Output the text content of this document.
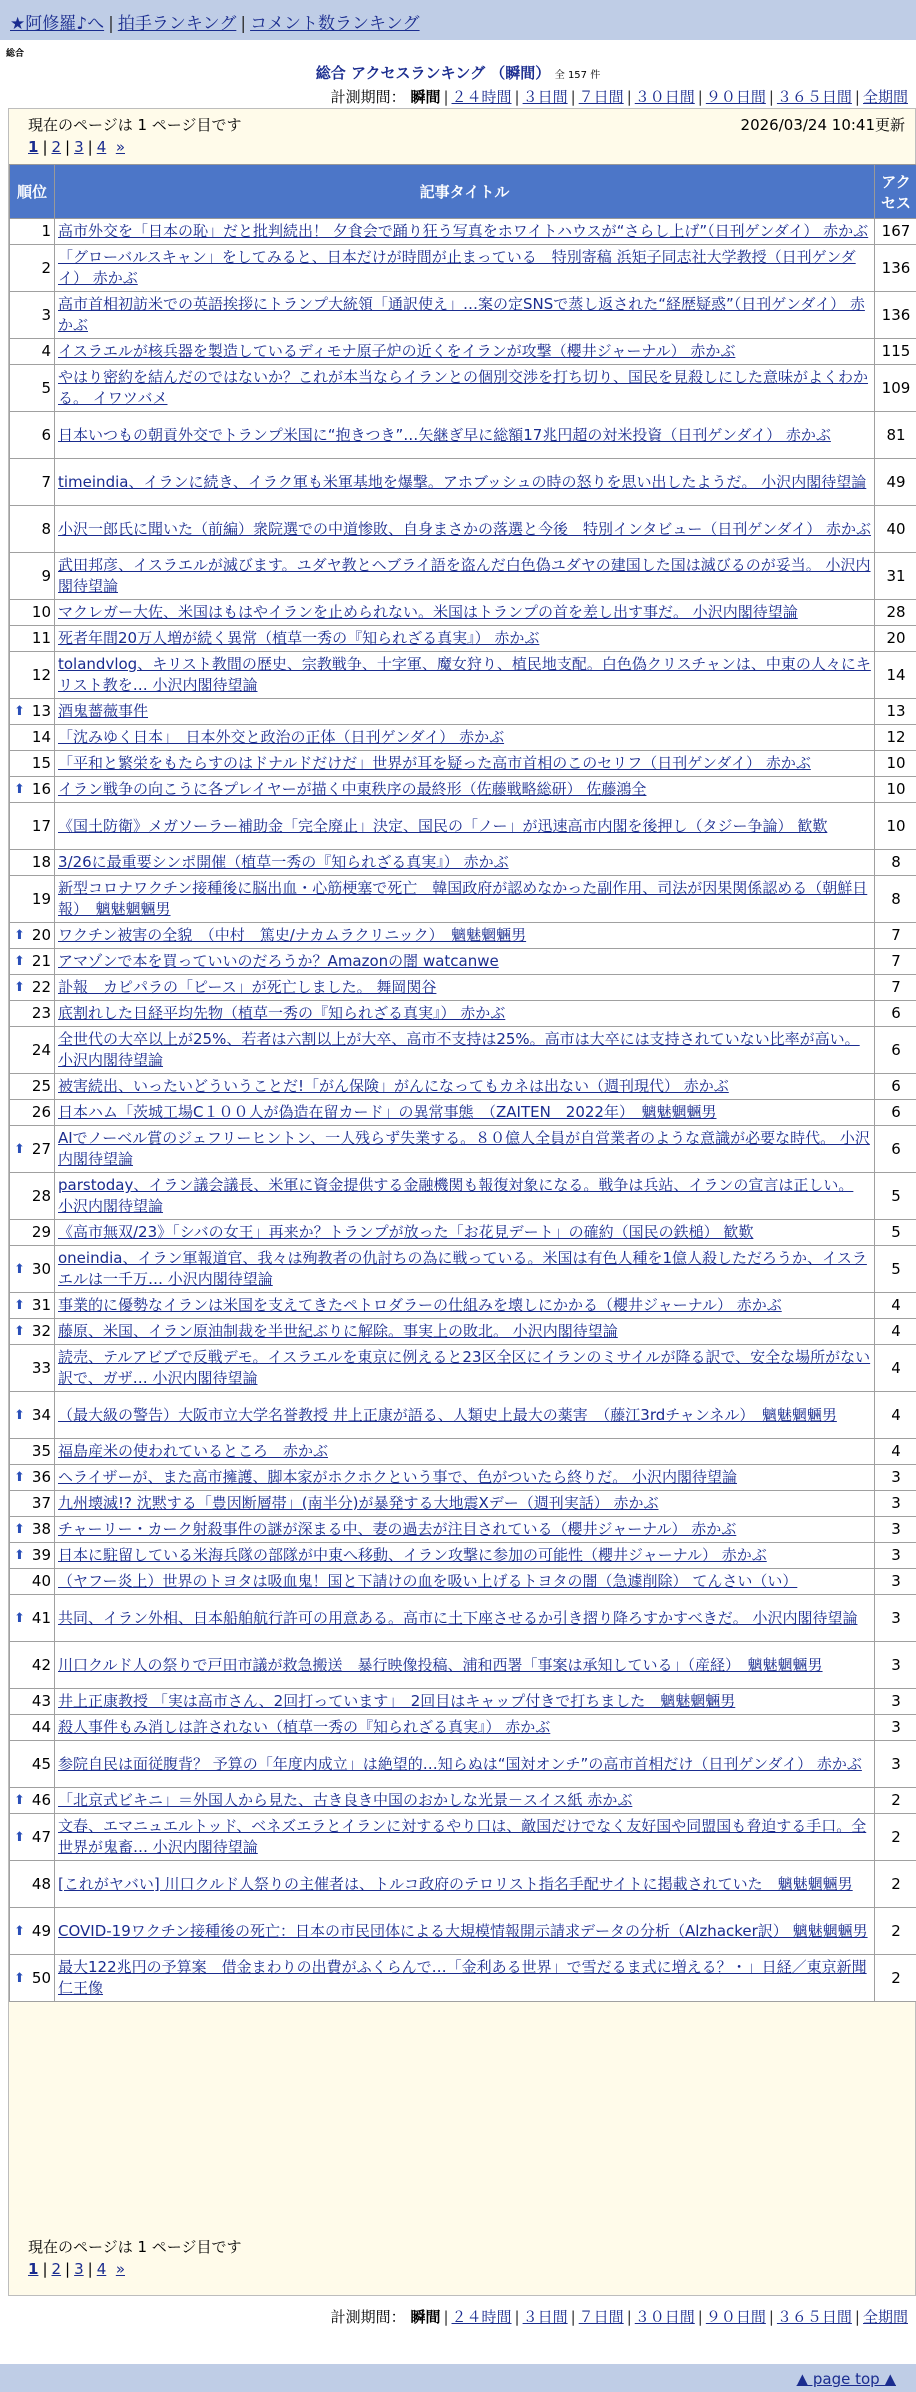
★阿修羅♪へ | 拍手ランキング | コメント数ランキング
総合
総合 アクセスランキング （瞬間） 全 157 件
計測期間： 瞬間 | ２４時間 | ３日間 | ７日間 | ３０日間 | ９０日間 | ３６５日間 | 全期間
現在のページは 1 ページ目です	2026/03/24 10:41更新
1 | 2 | 3 | 4 »
現在のページは 1 ページ目です
1 | 2 | 3 | 4 »
順位	記事タイトル	アクセス
1	高市外交を「日本の恥」だと批判続出！ 夕食会で踊り狂う写真をホワイトハウスが“さらし上げ”（日刊ゲンダイ） 赤かぶ	167
2	「グローバルスキャン」をしてみると、日本だけが時間が止まっている　特別寄稿 浜矩子同志社大学教授（日刊ゲンダイ） 赤かぶ	136
3	高市首相初訪米での英語挨拶にトランプ大統領「通訳使え」…案の定SNSで蒸し返された“経歴疑惑”（日刊ゲンダイ） 赤かぶ	136
4	イスラエルが核兵器を製造しているディモナ原子炉の近くをイランが攻撃（櫻井ジャーナル） 赤かぶ	115
5	やはり密約を結んだのではないか？これが本当ならイランとの個別交渉を打ち切り、国民を見殺しにした意味がよくわかる。 イワツバメ	109
6	日本いつもの朝貢外交でトランプ米国に“抱きつき”…矢継ぎ早に総額17兆円超の対米投資（日刊ゲンダイ） 赤かぶ	81
7	timeindia、イランに続き、イラク軍も米軍基地を爆撃。アホブッシュの時の怒りを思い出したようだ。 小沢内閣待望論	49
8	小沢一郎氏に聞いた（前編）衆院選での中道惨敗、自身まさかの落選と今後　特別インタビュー（日刊ゲンダイ） 赤かぶ	40
9	武田邦彦、イスラエルが滅びます。ユダヤ教とヘブライ語を盗んだ白色偽ユダヤの建国した国は滅びるのが妥当。 小沢内閣待望論	31
10	マクレガー大佐、米国はもはやイランを止められない。米国はトランプの首を差し出す事だ。 小沢内閣待望論	28
11	死者年間20万人増が続く異常（植草一秀の『知られざる真実』） 赤かぶ	20
12	tolandvlog、キリスト教間の歴史、宗教戦争、十字軍、魔女狩り、植民地支配。白色偽クリスチャンは、中東の人々にキリスト教を… 小沢内閣待望論	14

⬆ 13	酒鬼薔薇事件	13
14	「沈みゆく日本」　日本外交と政治の正体（日刊ゲンダイ） 赤かぶ	12
15	「平和と繁栄をもたらすのはドナルドだけだ」世界が耳を疑った高市首相のこのセリフ（日刊ゲンダイ） 赤かぶ	10

⬆ 16	イラン戦争の向こうに各プレイヤーが描く中東秩序の最終形（佐藤戦略総研） 佐藤鴻全	10
17	《国土防衛》メガソーラー補助金「完全廃止」決定、国民の「ノー」が迅速高市内閣を後押し（タジー争論） 歓歎	10
18	3/26に最重要シンポ開催（植草一秀の『知られざる真実』） 赤かぶ	8
19	新型コロナワクチン接種後に脳出血・心筋梗塞で死亡　韓国政府が認めなかった副作用、司法が因果関係認める（朝鮮日報）　魑魅魍魎男	8

⬆ 20	ワクチン被害の全貌　（中村　篤史/ナカムラクリニック）　魑魅魍魎男	7

⬆ 21	アマゾンで本を買っていいのだろうか？Amazonの闇 watcanwe	7

⬆ 22	訃報　カピパラの「ピース」が死亡しました。 舞岡関谷	7
23	底割れした日経平均先物（植草一秀の『知られざる真実』） 赤かぶ	6
24	全世代の大卒以上が25%、若者は六割以上が大卒、高市不支持は25%。高市は大卒には支持されていない比率が高い。 小沢内閣待望論	6
25	被害続出、いったいどういうことだ!「がん保険」がんになってもカネは出ない（週刊現代） 赤かぶ	6
26	日本ハム「茨城工場C１００人が偽造在留カード」の異常事態　（ZAITEN　2022年）　魑魅魍魎男	6

⬆ 27	AIでノーベル賞のジェフリーヒントン、一人残らず失業する。８０億人全員が自営業者のような意識が必要な時代。 小沢内閣待望論	6
28	parstoday、イラン議会議長、米軍に資金提供する金融機関も報復対象になる。戦争は兵站、イランの宣言は正しい。 小沢内閣待望論	5
29	《高市無双/23》「シバの女王」再来か？トランプが放った「お花見デート」の確約（国民の鉄槌） 歓歎	5

⬆ 30	oneindia、イラン軍報道官、我々は殉教者の仇討ちの為に戦っている。米国は有色人種を1億人殺しただろうか、イスラエルは一千万… 小沢内閣待望論	5

⬆ 31	事業的に優勢なイランは米国を支えてきたペトロダラーの仕組みを壊しにかかる（櫻井ジャーナル） 赤かぶ	4

⬆ 32	藤原、米国、イラン原油制裁を半世紀ぶりに解除。事実上の敗北。 小沢内閣待望論	4
33	読売、テルアビブで反戦デモ。イスラエルを東京に例えると23区全区にイランのミサイルが降る訳で、安全な場所がない訳で、ガザ… 小沢内閣待望論	4

⬆ 34	（最大級の警告）大阪市立大学名誉教授 井上正康が語る、人類史上最大の薬害　（藤江3rdチャンネル）　魑魅魍魎男	4
35	福島産米の使われているところ　赤かぶ	4

⬆ 36	ヘライザーが、また高市擁護、脚本家がホクホクという事で、色がついたら終りだ。 小沢内閣待望論	3
37	九州壊滅!? 沈黙する「豊因断層帯」(南半分)が暴発する大地震Xデー（週刊実話） 赤かぶ	3

⬆ 38	チャーリー・カーク射殺事件の謎が深まる中、妻の過去が注目されている（櫻井ジャーナル） 赤かぶ	3

⬆ 39	日本に駐留している米海兵隊の部隊が中東へ移動、イラン攻撃に参加の可能性（櫻井ジャーナル） 赤かぶ	3
40	（ヤフー炎上）世界のトヨタは吸血鬼！国と下請けの血を吸い上げるトヨタの闇（急遽削除） てんさい（い）	3

⬆ 41	共同、イラン外相、日本船舶航行許可の用意ある。高市に土下座させるか引き摺り降ろすかすべきだ。 小沢内閣待望論	3
42	川口クルド人の祭りで戸田市議が救急搬送　暴行映像投稿、浦和西署「事案は承知している」（産経）　魑魅魍魎男	3
43	井上正康教授 「実は高市さん、2回打っています」　2回目はキャップ付きで打ちました　魑魅魍魎男	3
44	殺人事件もみ消しは許されない（植草一秀の『知られざる真実』） 赤かぶ	3
45	参院自民は面従腹背？ 予算の「年度内成立」は絶望的…知らぬは“国対オンチ”の高市首相だけ（日刊ゲンダイ） 赤かぶ	3

⬆ 46	「北京式ビキニ」＝外国人から見た、古き良き中国のおかしな光景－スイス紙 赤かぶ	2

⬆ 47	文春、エマニュエルトッド、ベネズエラとイランに対するやり口は、敵国だけでなく友好国や同盟国も脅迫する手口。全世界が鬼畜… 小沢内閣待望論	2
48	[これがヤバい] 川口クルド人祭りの主催者は、トルコ政府のテロリスト指名手配サイトに掲載されていた　魑魅魍魎男	2

⬆ 49	COVID-19ワクチン接種後の死亡：日本の市民団体による大規模情報開示請求データの分析（Alzhacker訳） 魑魅魍魎男	2

⬆ 50	最大122兆円の予算案　借金まわりの出費がふくらんで…「金利ある世界」で雪だるま式に増える？・」日経／東京新聞 仁王像	2
計測期間： 瞬間 | ２４時間 | ３日間 | ７日間 | ３０日間 | ９０日間 | ３６５日間 | 全期間
▲ page top ▲
